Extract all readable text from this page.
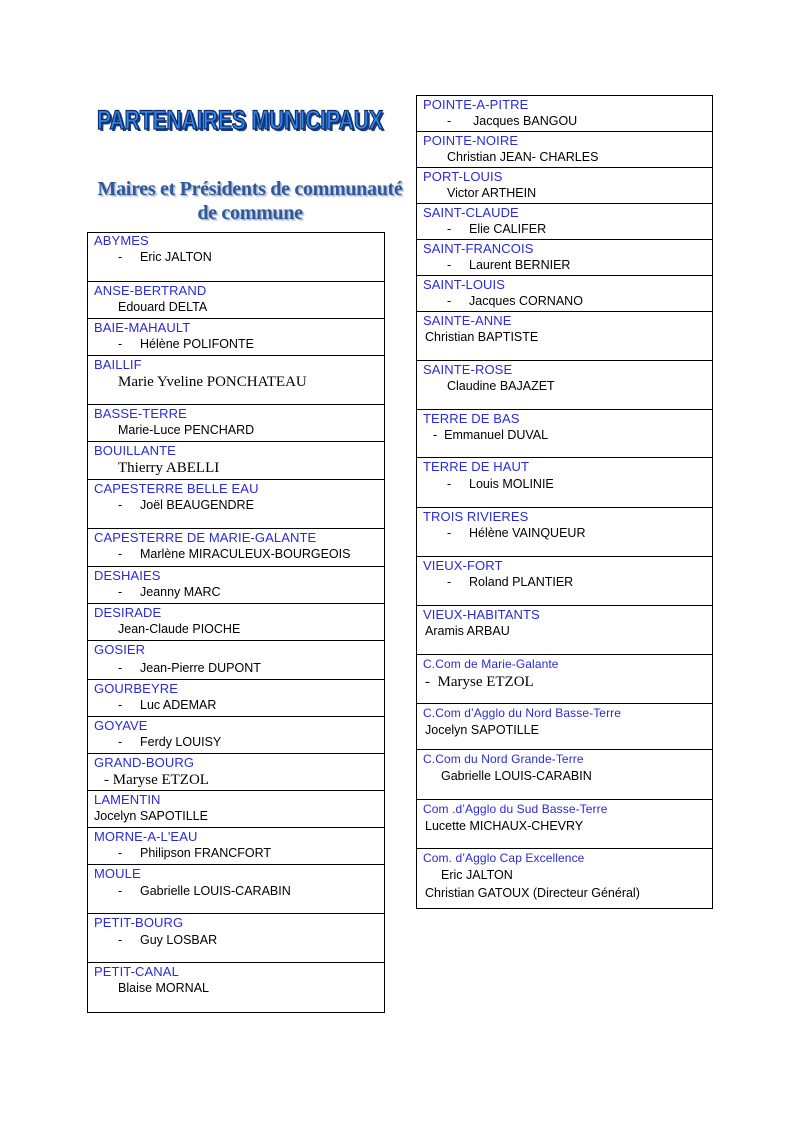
PARTENAIRES MUNICIPAUX
PARTENAIRES MUNICIPAUX
Maires et Présidents de communauté
de commune
ABYMES
- Eric JALTON
ANSE-BERTRAND
Edouard DELTA
BAIE-MAHAULT
- Hélène POLIFONTE
BAILLIF
Marie Yveline PONCHATEAU
BASSE-TERRE
Marie-Luce PENCHARD
BOUILLANTE
Thierry ABELLI
CAPESTERRE BELLE EAU
- Joël BEAUGENDRE
CAPESTERRE DE MARIE-GALANTE
- Marlène MIRACULEUX-BOURGEOIS
DESHAIES
- Jeanny MARC
DESIRADE
Jean-Claude PIOCHE
GOSIER
- Jean-Pierre DUPONT
GOURBEYRE
- Luc ADEMAR
GOYAVE
- Ferdy LOUISY
GRAND-BOURG
- Maryse ETZOL
LAMENTIN
Jocelyn SAPOTILLE
MORNE-A-L'EAU
- Philipson FRANCFORT
MOULE
- Gabrielle LOUIS-CARABIN
PETIT-BOURG
- Guy LOSBAR
PETIT-CANAL
Blaise MORNAL
POINTE-A-PITRE
- Jacques BANGOU
POINTE-NOIRE
Christian JEAN- CHARLES
PORT-LOUIS
Victor ARTHEIN
SAINT-CLAUDE
- Elie CALIFER
SAINT-FRANCOIS
- Laurent BERNIER
SAINT-LOUIS
- Jacques CORNANO
SAINTE-ANNE
Christian BAPTISTE
SAINTE-ROSE
Claudine BAJAZET
TERRE DE BAS
-  Emmanuel DUVAL
TERRE DE HAUT
- Louis MOLINIE
TROIS RIVIERES
- Hélène VAINQUEUR
VIEUX-FORT
- Roland PLANTIER
VIEUX-HABITANTS
Aramis ARBAU
C.Com de Marie-Galante
-  Maryse ETZOL
C.Com d’Agglo du Nord Basse-Terre
Jocelyn SAPOTILLE
C.Com du Nord Grande-Terre
Gabrielle LOUIS-CARABIN
Com .d’Agglo du Sud Basse-Terre
Lucette MICHAUX-CHEVRY
Com. d’Agglo Cap Excellence
Eric JALTON
Christian GATOUX (Directeur Général)
